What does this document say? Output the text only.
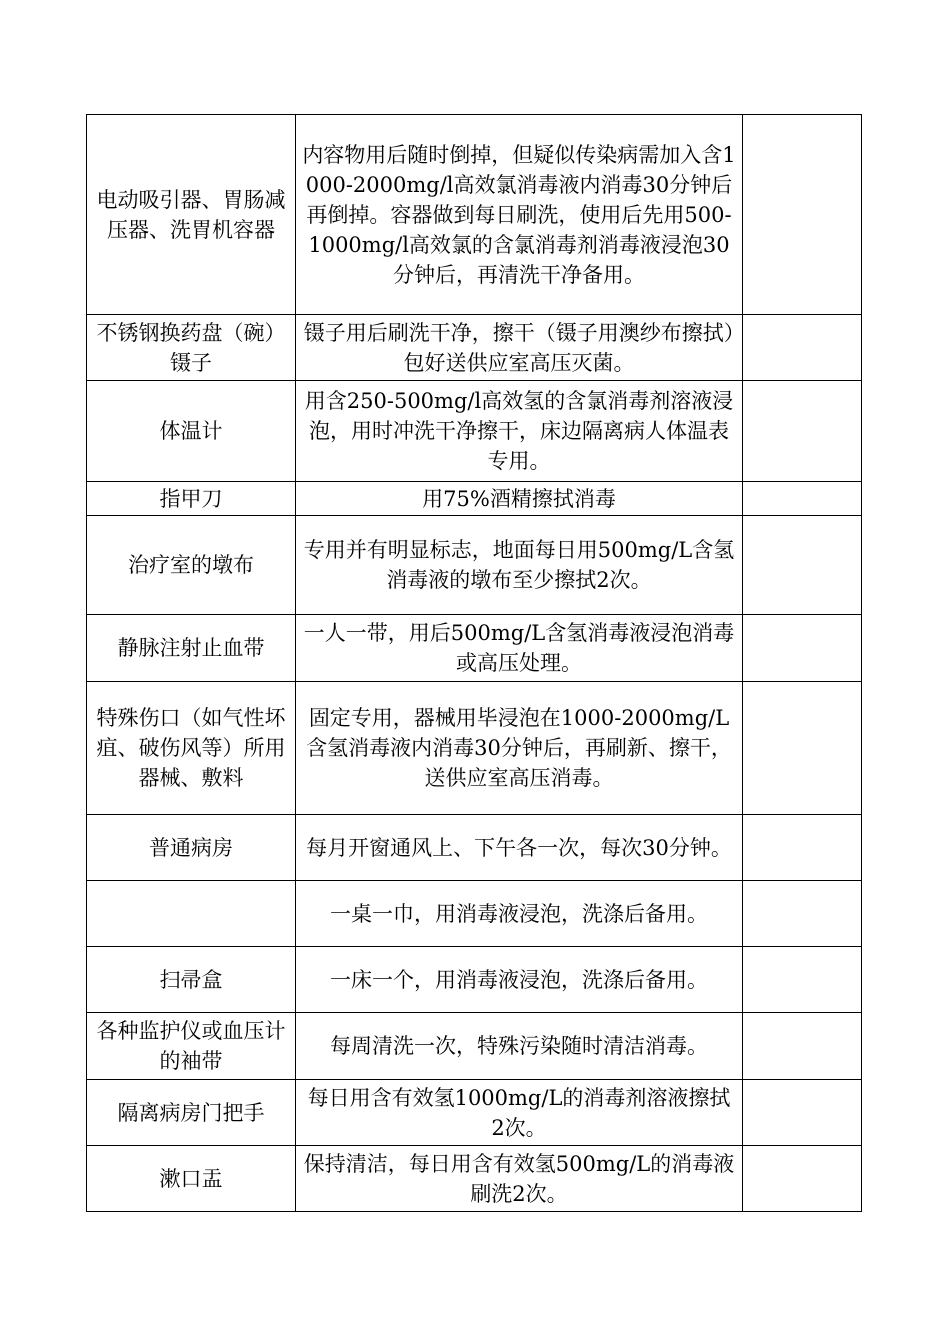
电动吸引器、胃肠减压器、洗胃机容器	内容物用后随时倒掉，但疑似传染病需加入含1000-2000mg/l高效氯消毒液内消毒30分钟后再倒掉。容器做到每日刷洗，使用后先用500-1000mg/l高效氯的含氯消毒剂消毒液浸泡30分钟后，再清洗干净备用。	
不锈钢换药盘（碗）镊子	镊子用后刷洗干净，擦干（镊子用澳纱布擦拭）包好送供应室高压灭菌。	
体温计	用含250-500mg/l高效氢的含氯消毒剂溶液浸泡，用时冲洗干净擦干，床边隔离病人体温表专用。	
指甲刀	用75%酒精擦拭消毒	
治疗室的墩布	专用并有明显标志，地面每日用500mg/L含氢消毒液的墩布至少擦拭2次。	
静脉注射止血带	一人一带，用后500mg/L含氢消毒液浸泡消毒或高压处理。	
特殊伤口（如气性坏疽、破伤风等）所用器械、敷料	固定专用，器械用毕浸泡在1000-2000mg/L含氢消毒液内消毒30分钟后，再刷新、擦干，送供应室高压消毒。	
普通病房	每月开窗通风上、下午各一次，每次30分钟。	
	一桌一巾，用消毒液浸泡，洗涤后备用。	
扫帚盒	一床一个，用消毒液浸泡，洗涤后备用。	
各种监护仪或血压计的袖带	每周清洗一次，特殊污染随时清洁消毒。	
隔离病房门把手	每日用含有效氢1000mg/L的消毒剂溶液擦拭2次。	
漱口盂	保持清洁，每日用含有效氢500mg/L的消毒液刷洗2次。	
